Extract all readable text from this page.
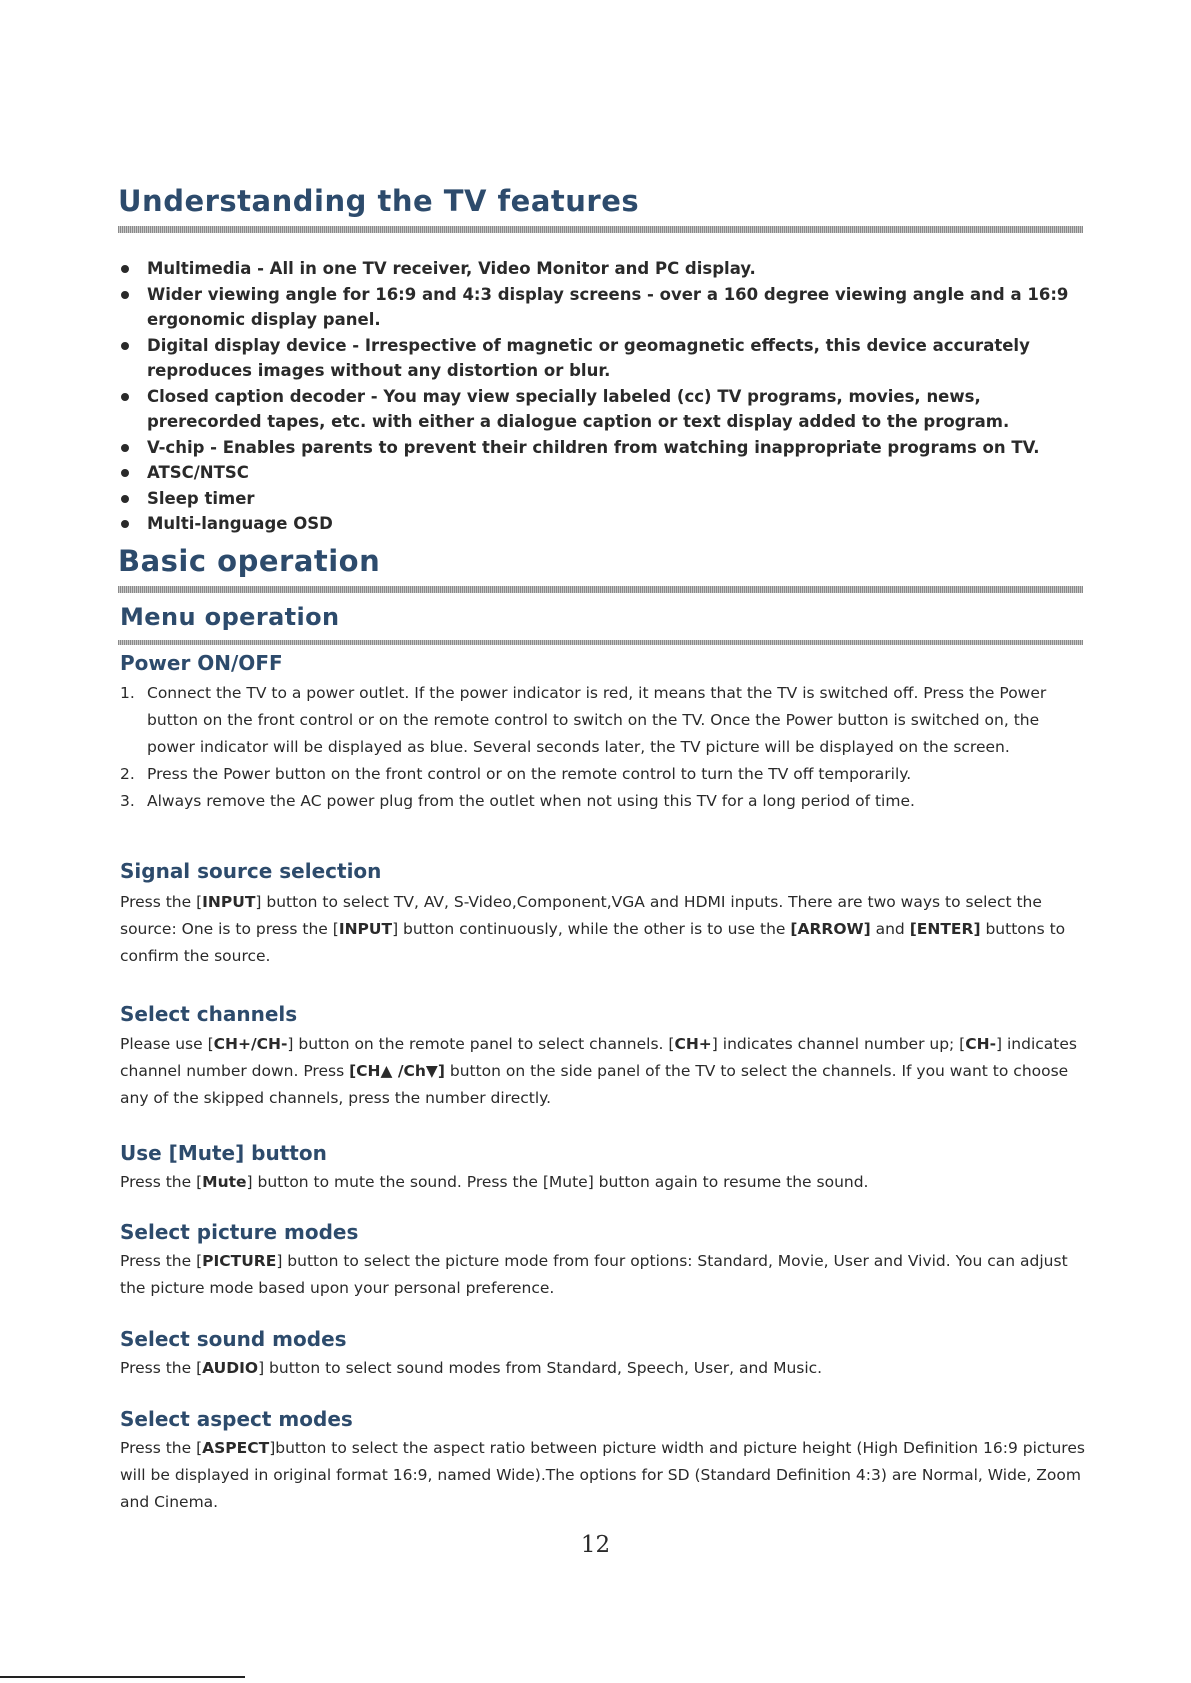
Understanding the TV features
Multimedia - All in one TV receiver, Video Monitor and PC display.
Wider viewing angle for 16:9 and 4:3 display screens - over a 160 degree viewing angle and a 16:9 ergonomic display panel.
Digital display device - Irrespective of magnetic or geomagnetic effects, this device accurately reproduces images without any distortion or blur.
Closed caption decoder - You may view specially labeled (cc) TV programs, movies, news, prerecorded tapes, etc. with either a dialogue caption or text display added to the program.
V-chip - Enables parents to prevent their children from watching inappropriate programs on TV.
ATSC/NTSC
Sleep timer
Multi-language OSD
Basic operation
Menu operation
Power ON/OFF
1. Connect the TV to a power outlet. If the power indicator is red, it means that the TV is switched off. Press the Power button on the front control or on the remote control to switch on the TV. Once the Power button is switched on, the power indicator will be displayed as blue. Several seconds later, the TV picture will be displayed on the screen.
2. Press the Power button on the front control or on the remote control to turn the TV off temporarily.
3. Always remove the AC power plug from the outlet when not using this TV for a long period of time.
Signal source selection

Press the [INPUT] button to select TV, AV, S-Video,Component,VGA and HDMI inputs. There are two ways to select the source: One is to press the [INPUT] button continuously, while the other is to use the [ARROW] and [ENTER] buttons to confirm the source.

Select channels

Please use [CH+/CH-] button on the remote panel to select channels. [CH+] indicates channel number up; [CH-] indicates channel number down. Press [CH▲ /Ch▼] button on the side panel of the TV to select the channels. If you want to choose any of the skipped channels, press the number directly.

Use [Mute] button

Press the [Mute] button to mute the sound. Press the [Mute] button again to resume the sound.

Select picture modes

Press the [PICTURE] button to select the picture mode from four options: Standard, Movie, User and Vivid. You can adjust the picture mode based upon your personal preference.

Select sound modes

Press the [AUDIO] button to select sound modes from Standard, Speech, User, and Music.

Select aspect modes

Press the [ASPECT]button to select the aspect ratio between picture width and picture height (High Definition 16:9 pictures will be displayed in original format 16:9, named Wide).The options for SD (Standard Definition 4:3) are Normal, Wide, Zoom and Cinema.

12
